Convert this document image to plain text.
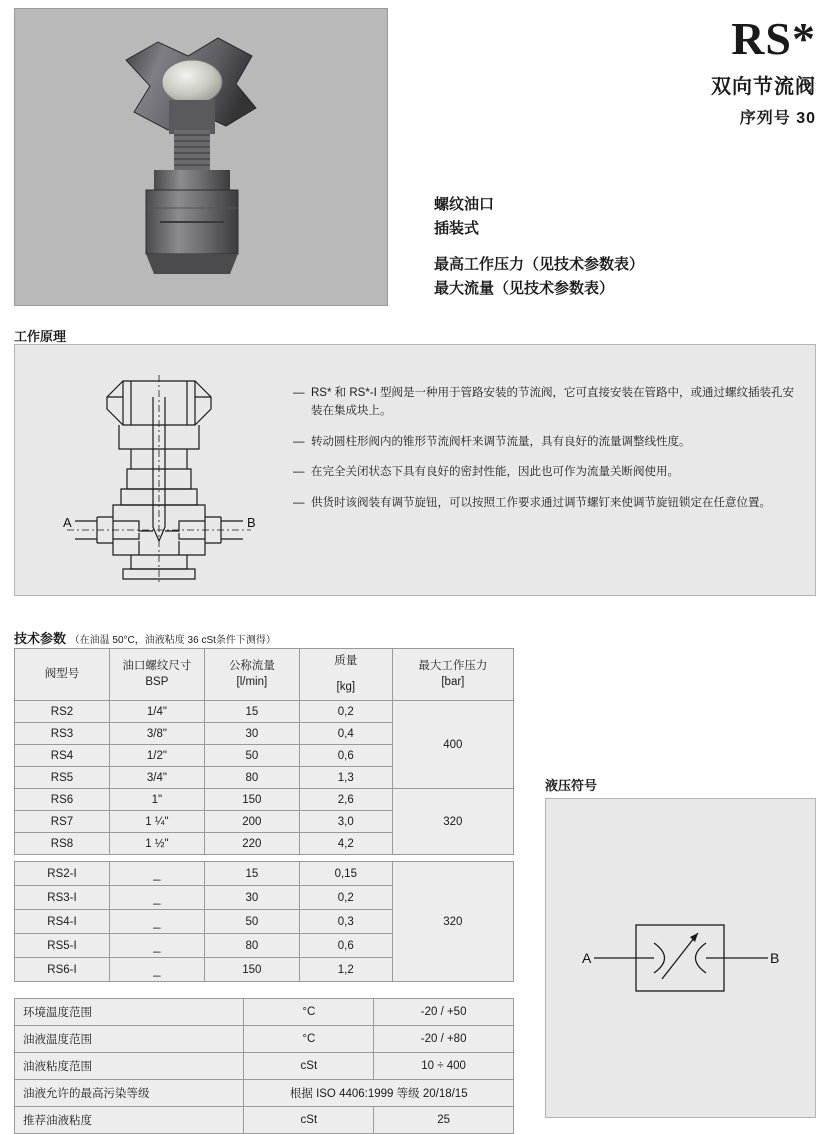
RS*
双向节流阀
序列号 30
螺纹油口
插装式
最高工作压力（见技术参数表）
最大流量（见技术参数表）
工作原理
A	B
— RS* 和 RS*-I 型阀是一种用于管路安装的节流阀，它可直接安装在管路中，或通过螺纹插装孔安装在集成块上。
— 转动圆柱形阀内的锥形节流阀杆来调节流量，具有良好的流量调整线性度。
— 在完全关闭状态下具有良好的密封性能，因此也可作为流量关断阀使用。
— 供货时该阀装有调节旋钮，可以按照工作要求通过调节螺钉来使调节旋钮锁定在任意位置。
技术参数 （在油温 50°C，油液粘度 36 cSt条件下测得）
阀型号	
油口螺纹尺寸
BSP

公称流量
[l/min]

质量
[kg]

最大工作压力
[bar]

RS2	1/4"	15	0,2	400
RS3	3/8"	30	0,4	
RS4	1/2"	50	0,6	
RS5	3/4"	80	1,3	
RS6	1"	150	2,6	320
RS7	1 ¼"	200	3,0	
RS8	1 ½"	220	4,2	

RS2-I	_	15	0,15	320
RS3-I	_	30	0,2	
RS4-I	_	50	0,3	
RS5-I	_	80	0,6	
RS6-I	_	150	1,2	
环境温度范围	°C	-20 / +50
油液温度范围	°C	-20 / +80
油液粘度范围	cSt	10 ÷ 400
油液允许的最高污染等级	根据 ISO 4406:1999 等级 20/18/15	
推荐油液粘度	cSt	25
液压符号
A	B
